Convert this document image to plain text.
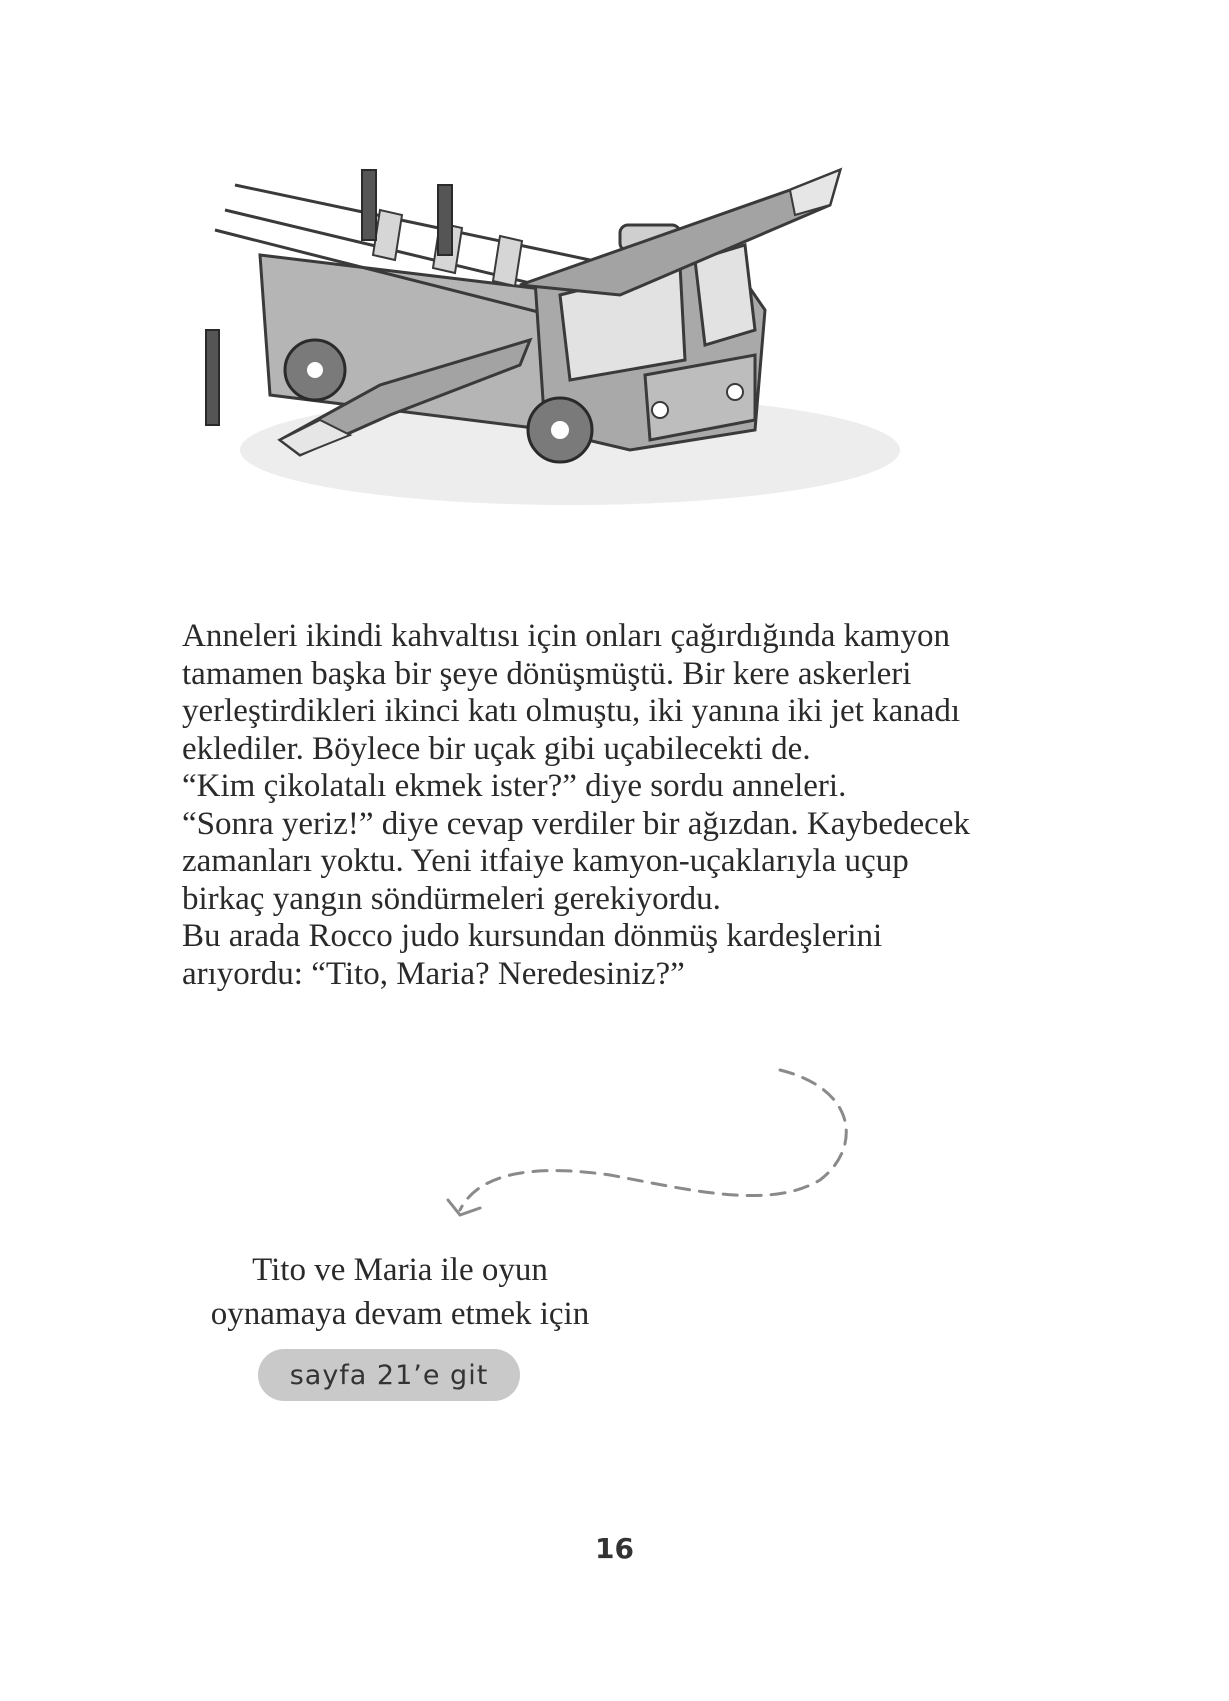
Anneleri ikindi kahvaltısı için onları çağırdığında kamyon

tamamen başka bir şeye dönüşmüştü. Bir kere askerleri

yerleştirdikleri ikinci katı olmuştu, iki yanına iki jet kanadı

eklediler. Böylece bir uçak gibi uçabilecekti de.

“Kim çikolatalı ekmek ister?” diye sordu anneleri.

“Sonra yeriz!” diye cevap verdiler bir ağızdan. Kaybedecek

zamanları yoktu. Yeni itfaiye kamyon-uçaklarıyla uçup

birkaç yangın söndürmeleri gerekiyordu.

Bu arada Rocco judo kursundan dönmüş kardeşlerini

arıyordu: “Tito, Maria? Neredesiniz?”

Tito ve Maria ile oyun
oynamaya devam etmek için
sayfa 21’e git
16
